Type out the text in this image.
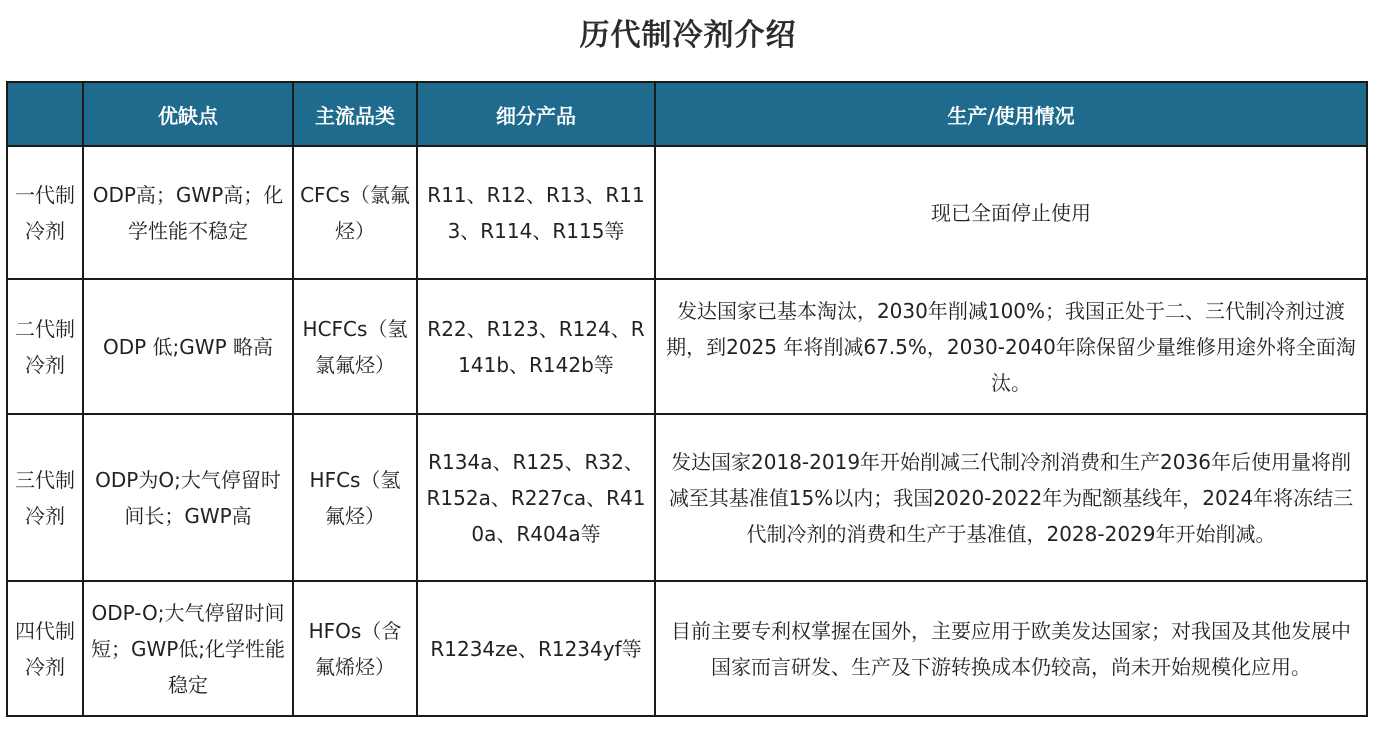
历代制冷剂介绍
	优缺点	主流品类	细分产品	生产/使用情况
一代制冷剂	ODP高；GWP高；化学性能不稳定	CFCs（氯氟烃）	R11、R12、R13、R113、R114、R115等	现已全面停止使用
二代制冷剂	ODP 低;GWP 略高	HCFCs（氢氯氟烃）	R22、R123、R124、R141b、R142b等	发达国家已基本淘汰，2030年削减100%；我国正处于二、三代制冷剂过渡期，到2025 年将削减67.5%，2030-2040年除保留少量维修用途外将全面淘汰。
三代制冷剂	ODP为O;大气停留时间长；GWP高	HFCs（氢氟烃）	R134a、R125、R32、R152a、R227ca、R410a、R404a等	发达国家2018-2019年开始削减三代制冷剂消费和生产2036年后使用量将削减至其基准值15%以内；我国2020-2022年为配额基线年，2024年将冻结三代制冷剂的消费和生产于基准值，2028-2029年开始削减。
四代制冷剂	ODP-O;大气停留时间短；GWP低;化学性能稳定	HFOs（含氟烯烃）	R1234ze、R1234yf等	目前主要专利权掌握在国外，主要应用于欧美发达国家；对我国及其他发展中国家而言研发、生产及下游转换成本仍较高，尚未开始规模化应用。
